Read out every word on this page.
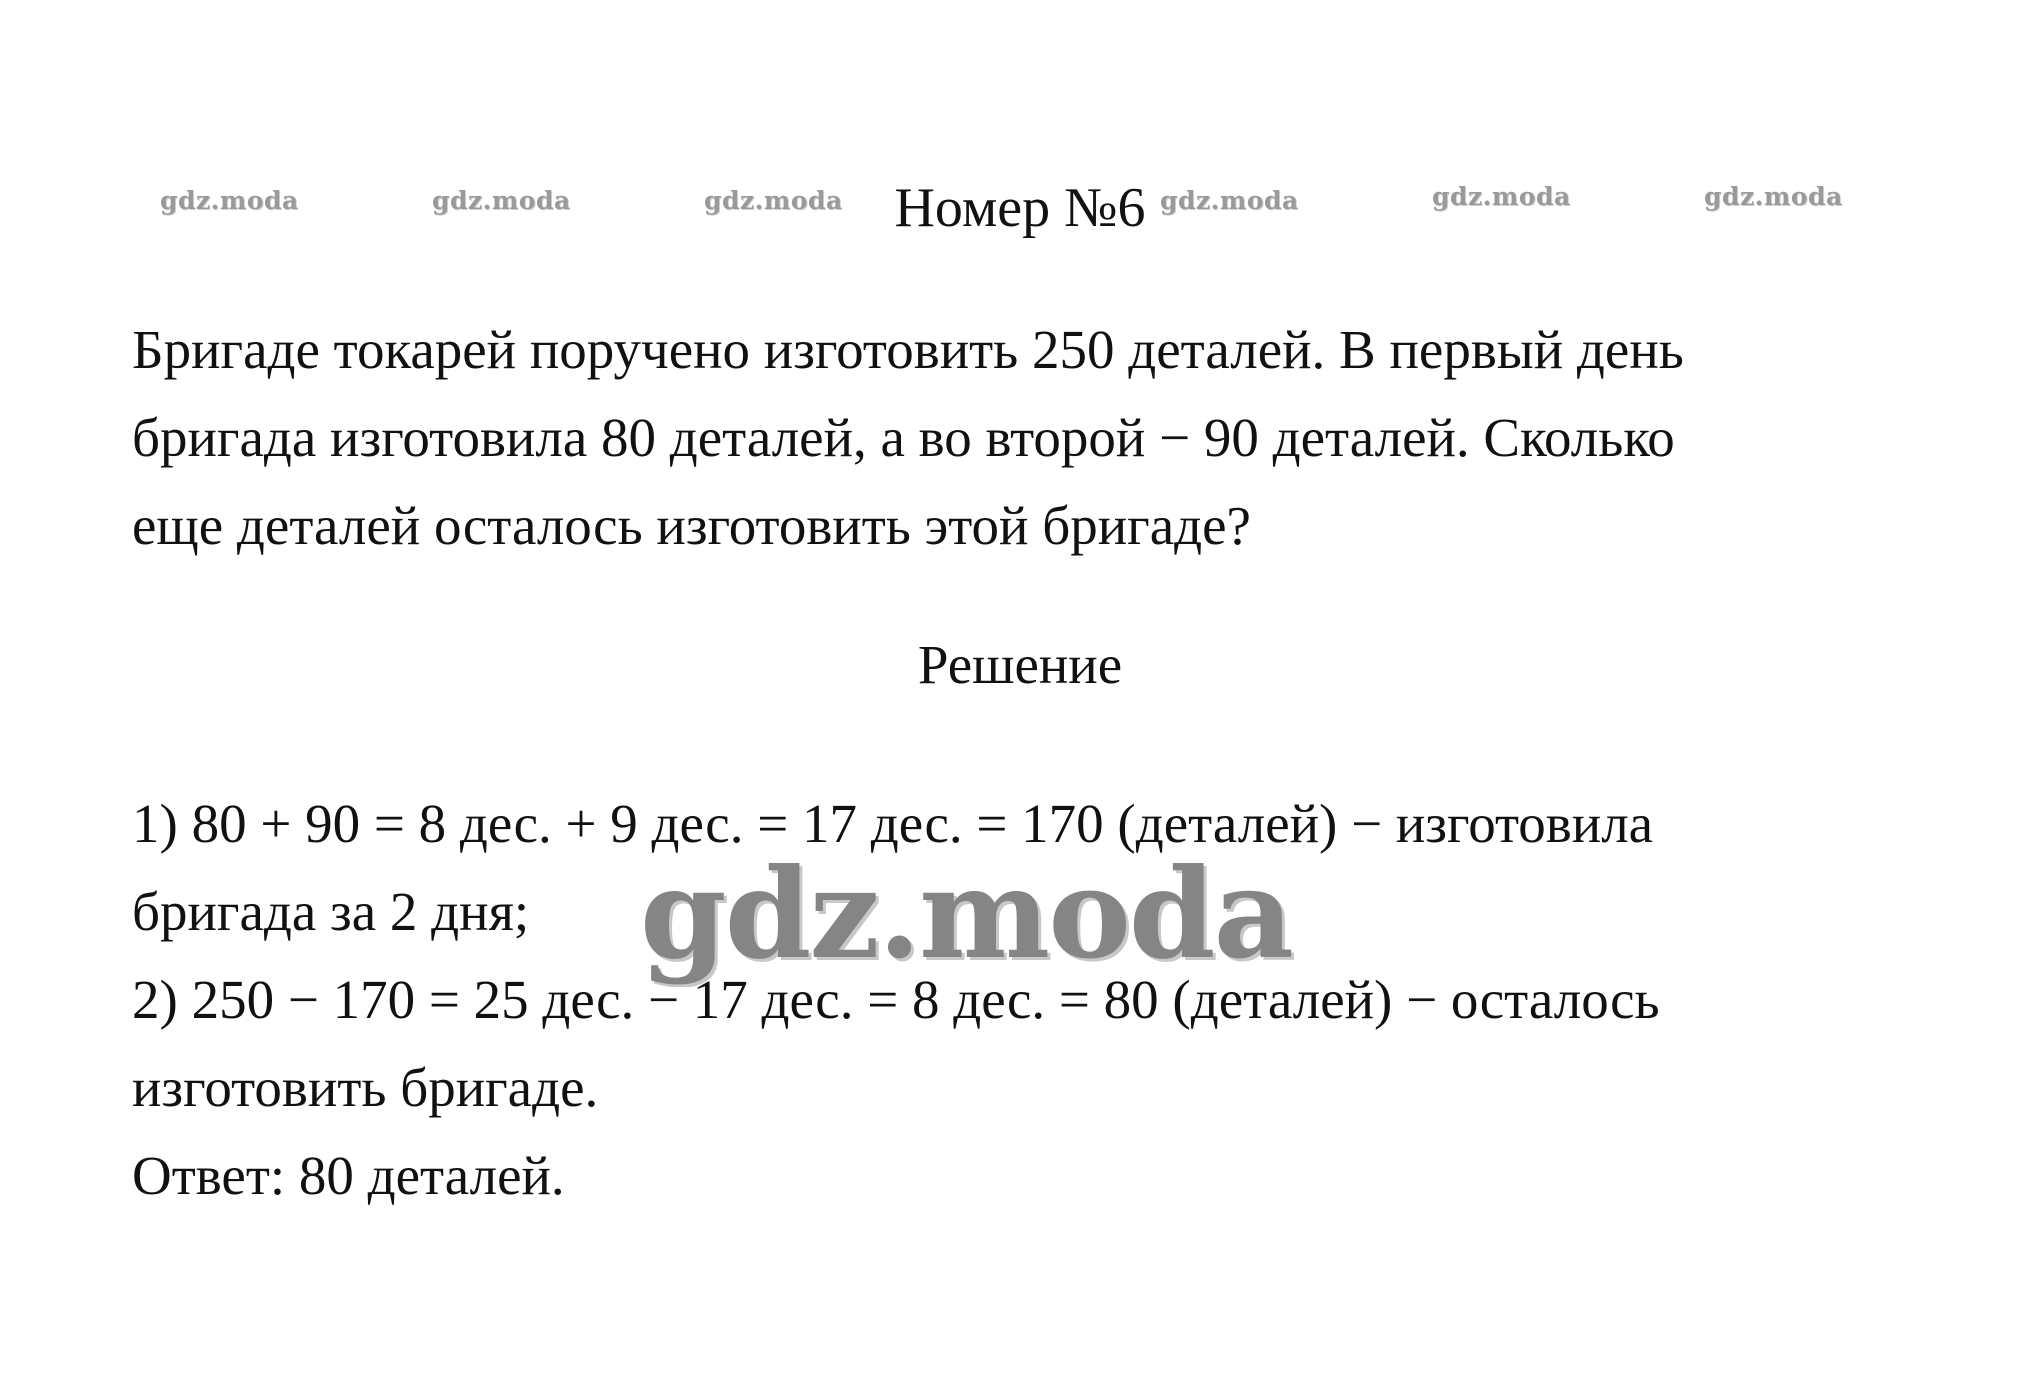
gdz.moda	gdz.moda	gdz.moda	gdz.moda	gdz.moda	gdz.moda
Номер №6
Бригаде токарей поручено изготовить 250 деталей. В первый день
бригада изготовила 80 деталей, а во второй − 90 деталей. Сколько
еще деталей осталось изготовить этой бригаде?
Решение
1) 80 + 90 = 8 дес. + 9 дес. = 17 дес. = 170 (деталей) − изготовила
бригада за 2 дня;
2) 250 − 170 = 25 дес. − 17 дес. = 8 дес. = 80 (деталей) − осталось
изготовить бригаде.
Ответ: 80 деталей.
gdz.moda
